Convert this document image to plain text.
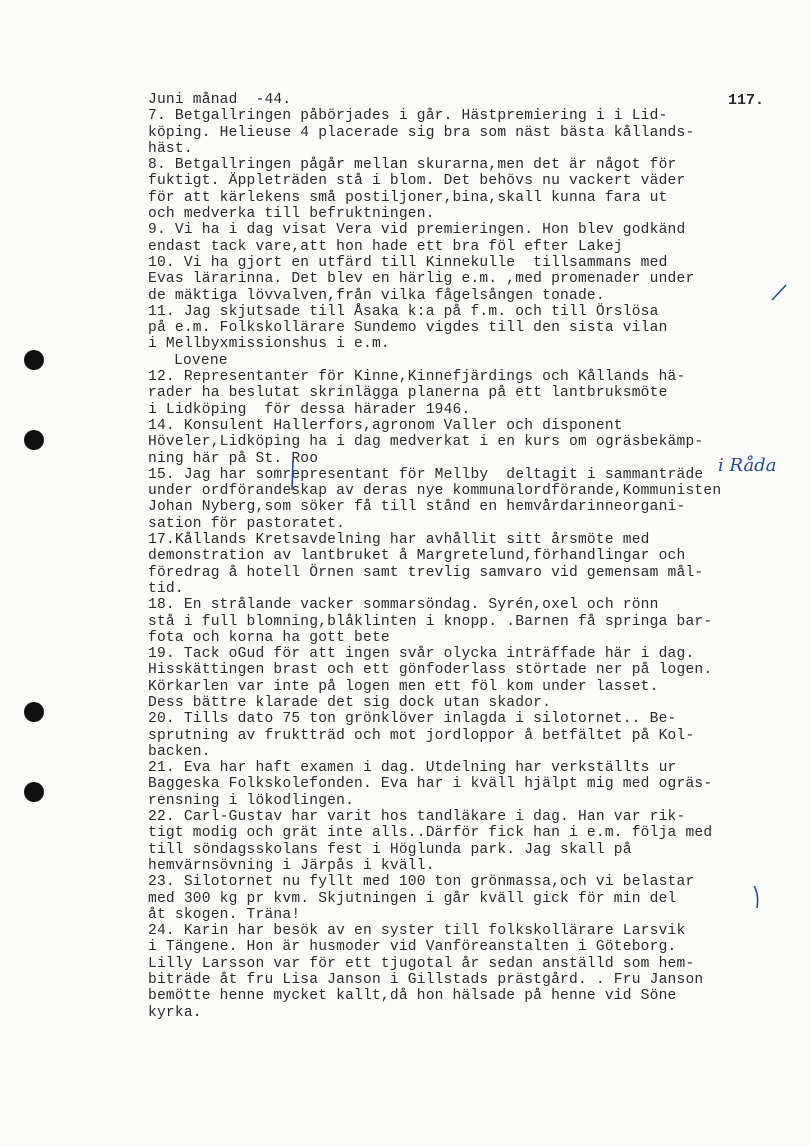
117.

Juni månad  -44.

7. Betgallringen påbörjades i går. Hästpremiering i i Lid-

köping. Helieuse 4 placerade sig bra som näst bästa kållands-

häst.

8. Betgallringen pågår mellan skurarna,men det är något för

fuktigt. Äppleträden stå i blom. Det behövs nu vackert väder

för att kärlekens små postiljoner,bina,skall kunna fara ut

och medverka till befruktningen.

9. Vi ha i dag visat Vera vid premieringen. Hon blev godkänd

endast tack vare,att hon hade ett bra föl efter Lakej

10. Vi ha gjort en utfärd till Kinnekulle  tillsammans med

Evas lärarinna. Det blev en härlig e.m. ,med promenader under

de mäktiga lövvalven,från vilka fågelsången tonade.

11. Jag skjutsade till Åsaka k:a på f.m. och till Örslösa

på e.m. Folkskollärare Sundemo vigdes till den sista vilan

i Mellbyxmissionshus i e.m.

Lovene

12. Representanter för Kinne,Kinnefjärdings och Kållands hä-

rader ha beslutat skrinlägga planerna på ett lantbruksmöte

i Lidköping  för dessa härader 1946.

14. Konsulent Hallerfors,agronom Valler och disponent

Höveler,Lidköping ha i dag medverkat i en kurs om ogräsbekämp-

ning här på St. Roo

15. Jag har somrepresentant för Mellby  deltagit i sammanträde

under ordförandeskap av deras nye kommunalordförande,Kommunisten

Johan Nyberg,som söker få till stånd en hemvårdarinneorgani-

sation för pastoratet.

17.Kållands Kretsavdelning har avhållit sitt årsmöte med

demonstration av lantbruket å Margretelund,förhandlingar och

föredrag å hotell Örnen samt trevlig samvaro vid gemensam mål-

tid.

18. En strålande vacker sommarsöndag. Syrén,oxel och rönn

stå i full blomning,blåklinten i knopp. .Barnen få springa bar-

fota och korna ha gott bete

19. Tack oGud för att ingen svår olycka inträffade här i dag.

Hisskättingen brast och ett gönfoderlass störtade ner på logen.

Körkarlen var inte på logen men ett föl kom under lasset.

Dess bättre klarade det sig dock utan skador.

20. Tills dato 75 ton grönklöver inlagda i silotornet.. Be-

sprutning av fruktträd och mot jordloppor å betfältet på Kol-

backen.

21. Eva har haft examen i dag. Utdelning har verkställts ur

Baggeska Folkskolefonden. Eva har i kväll hjälpt mig med ogräs-

rensning i lökodlingen.

22. Carl-Gustav har varit hos tandläkare i dag. Han var rik-

tigt modig och grät inte alls..Därför fick han i e.m. följa med

till söndagsskolans fest i Höglunda park. Jag skall på

hemvärnsövning i Järpås i kväll.

23. Silotornet nu fyllt med 100 ton grönmassa,och vi belastar

med 300 kg pr kvm. Skjutningen i går kväll gick för min del

åt skogen. Träna!

24. Karin har besök av en syster till folkskollärare Larsvik

i Tängene. Hon är husmoder vid Vanföreanstalten i Göteborg.

Lilly Larsson var för ett tjugotal år sedan anställd som hem-

biträde åt fru Lisa Janson i Gillstads prästgård. . Fru Janson

bemötte henne mycket kallt,då hon hälsade på henne vid Söne

kyrka.

i Råda
